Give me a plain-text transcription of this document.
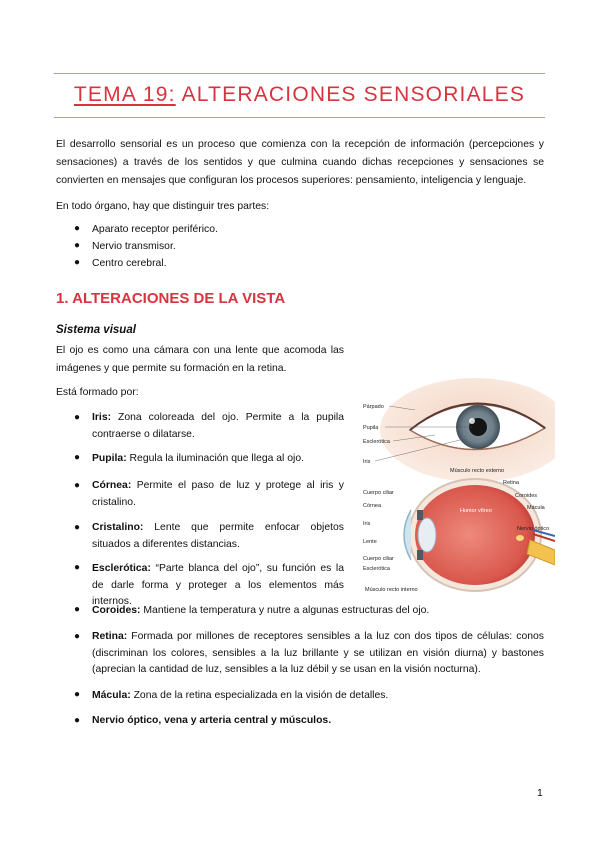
TEMA 19: ALTERACIONES SENSORIALES
El desarrollo sensorial es un proceso que comienza con la recepción de información (percepciones y sensaciones) a través de los sentidos y que culmina cuando dichas recepciones y sensaciones se convierten en mensajes que configuran los procesos superiores: pensamiento, inteligencia y lenguaje.
En todo órgano, hay que distinguir tres partes:
● Aparato receptor periférico.
● Nervio transmisor.
● Centro cerebral.
1. ALTERACIONES DE LA VISTA
Sistema visual
El ojo es como una cámara con una lente que acomoda las imágenes y que permite su formación en la retina.
Está formado por:
● Iris: Zona coloreada del ojo. Permite a la pupila contraerse o dilatarse.
● Pupila: Regula la iluminación que llega al ojo.
● Córnea: Permite el paso de luz y protege al iris y cristalino.
● Cristalino: Lente que permite enfocar objetos situados a diferentes distancias.
● Esclerótica: “Parte blanca del ojo”, su función es la de darle forma y proteger a los elementos más internos.
● Coroides: Mantiene la temperatura y nutre a algunas estructuras del ojo.
● Retina: Formada por millones de receptores sensibles a la luz con dos tipos de células: conos (discriminan los colores, sensibles a la luz brillante y se utilizan en visión diurna) y bastones (aprecian la cantidad de luz, sensibles a la luz débil y se usan en la visión nocturna).
● Mácula: Zona de la retina especializada en la visión de detalles.
● Nervio óptico, vena y arteria central y músculos.
Párpado
Pupila
Esclerótica
Iris
Músculo recto externo
Retina
Cuerpo ciliar	Coroides
Córnea
Humor vítreo	Mácula
Iris
Nervio óptico
Lente
Cuerpo ciliar
Esclerótica
Músculo recto interno
1
